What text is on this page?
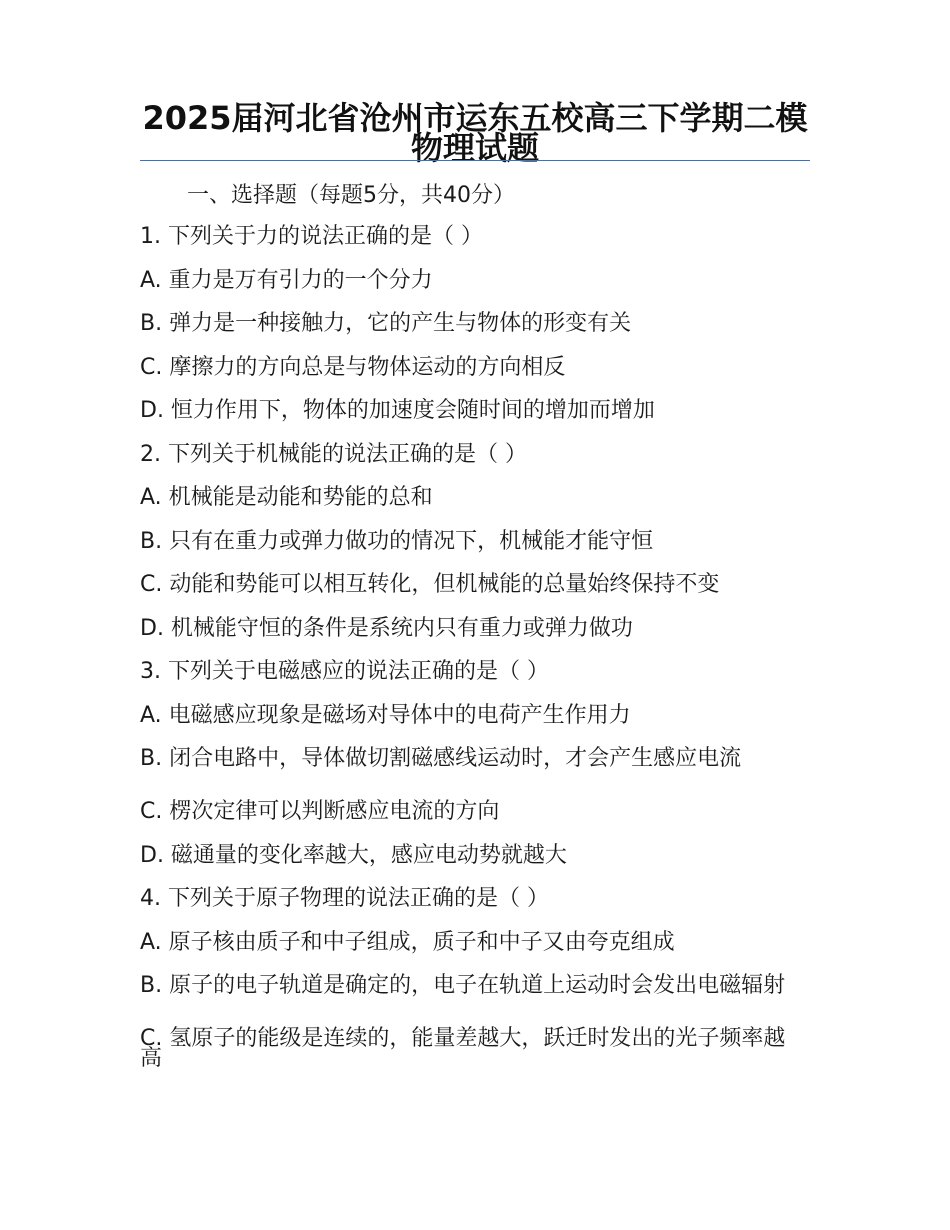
2025届河北省沧州市运东五校高三下学期二模物理试题
一、选择题（每题5分，共40分）
1. 下列关于力的说法正确的是（ ）
A. 重力是万有引力的一个分力
B. 弹力是一种接触力，它的产生与物体的形变有关
C. 摩擦力的方向总是与物体运动的方向相反
D. 恒力作用下，物体的加速度会随时间的增加而增加
2. 下列关于机械能的说法正确的是（ ）
A. 机械能是动能和势能的总和
B. 只有在重力或弹力做功的情况下，机械能才能守恒
C. 动能和势能可以相互转化，但机械能的总量始终保持不变
D. 机械能守恒的条件是系统内只有重力或弹力做功
3. 下列关于电磁感应的说法正确的是（ ）
A. 电磁感应现象是磁场对导体中的电荷产生作用力
B. 闭合电路中，导体做切割磁感线运动时，才会产生感应电流
C. 楞次定律可以判断感应电流的方向
D. 磁通量的变化率越大，感应电动势就越大
4. 下列关于原子物理的说法正确的是（ ）
A. 原子核由质子和中子组成，质子和中子又由夸克组成
B. 原子的电子轨道是确定的，电子在轨道上运动时会发出电磁辐射
C. 氢原子的能级是连续的，能量差越大，跃迁时发出的光子频率越高
